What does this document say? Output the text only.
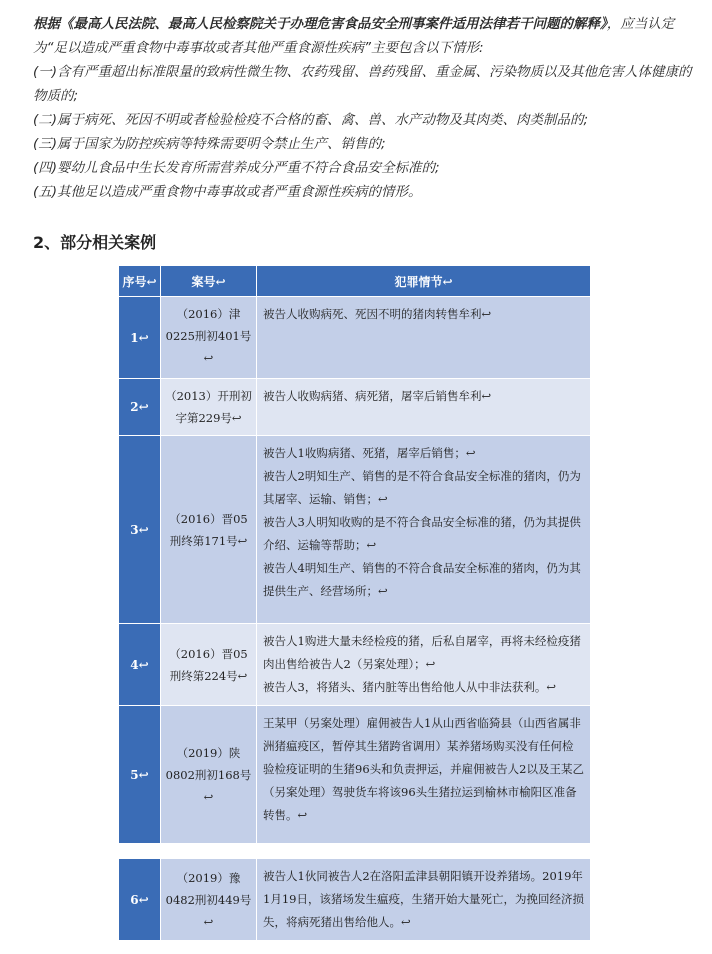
根据《最高人民法院、最高人民检察院关于办理危害食品安全刑事案件适用法律若干问题的解释》，应当认定为“足以造成严重食物中毒事故或者其他严重食源性疾病”主要包含以下情形:

(一)含有严重超出标准限量的致病性微生物、农药残留、兽药残留、重金属、污染物质以及其他危害人体健康的物质的;

(二)属于病死、死因不明或者检验检疫不合格的畜、禽、兽、水产动物及其肉类、肉类制品的;

(三)属于国家为防控疾病等特殊需要明令禁止生产、销售的;

(四)婴幼儿食品中生长发育所需营养成分严重不符合食品安全标准的;

(五)其他足以造成严重食物中毒事故或者严重食源性疾病的情形。

2、部分相关案例
序号↩	案号↩	犯罪情节↩
1↩	（2016）津0225刑初401号↩	被告人收购病死、死因不明的猪肉转售牟利↩

2↩	（2013）开刑初字第229号↩	被告人收购病猪、病死猪，屠宰后销售牟利↩

3↩	（2016）晋05刑终第171号↩	被告人1收购病猪、死猪，屠宰后销售；↩
被告人2明知生产、销售的是不符合食品安全标准的猪肉，仍为其屠宰、运输、销售；↩
被告人3人明知收购的是不符合食品安全标准的猪，仍为其提供介绍、运输等帮助；↩
被告人4明知生产、销售的不符合食品安全标准的猪肉，仍为其提供生产、经营场所；↩

4↩	（2016）晋05刑终第224号↩	被告人1购进大量未经检疫的猪，后私自屠宰，再将未经检疫猪肉出售给被告人2（另案处理）；↩
被告人3，将猪头、猪内脏等出售给他人从中非法获利。↩

5↩	（2019）陕0802刑初168号↩	王某甲（另案处理）雇佣被告人1从山西省临猗县（山西省属非洲猪瘟疫区，暂停其生猪跨省调用）某养猪场购买没有任何检验检疫证明的生猪96头和负责押运，并雇佣被告人2以及王某乙（另案处理）驾驶货车将该96头生猪拉运到榆林市榆阳区准备转售。↩

6↩	（2019）豫0482刑初449号↩	被告人1伙同被告人2在洛阳孟津县朝阳镇开设养猪场。2019年1月19日，该猪场发生瘟疫，生猪开始大量死亡，为挽回经济损失，将病死猪出售给他人。↩
